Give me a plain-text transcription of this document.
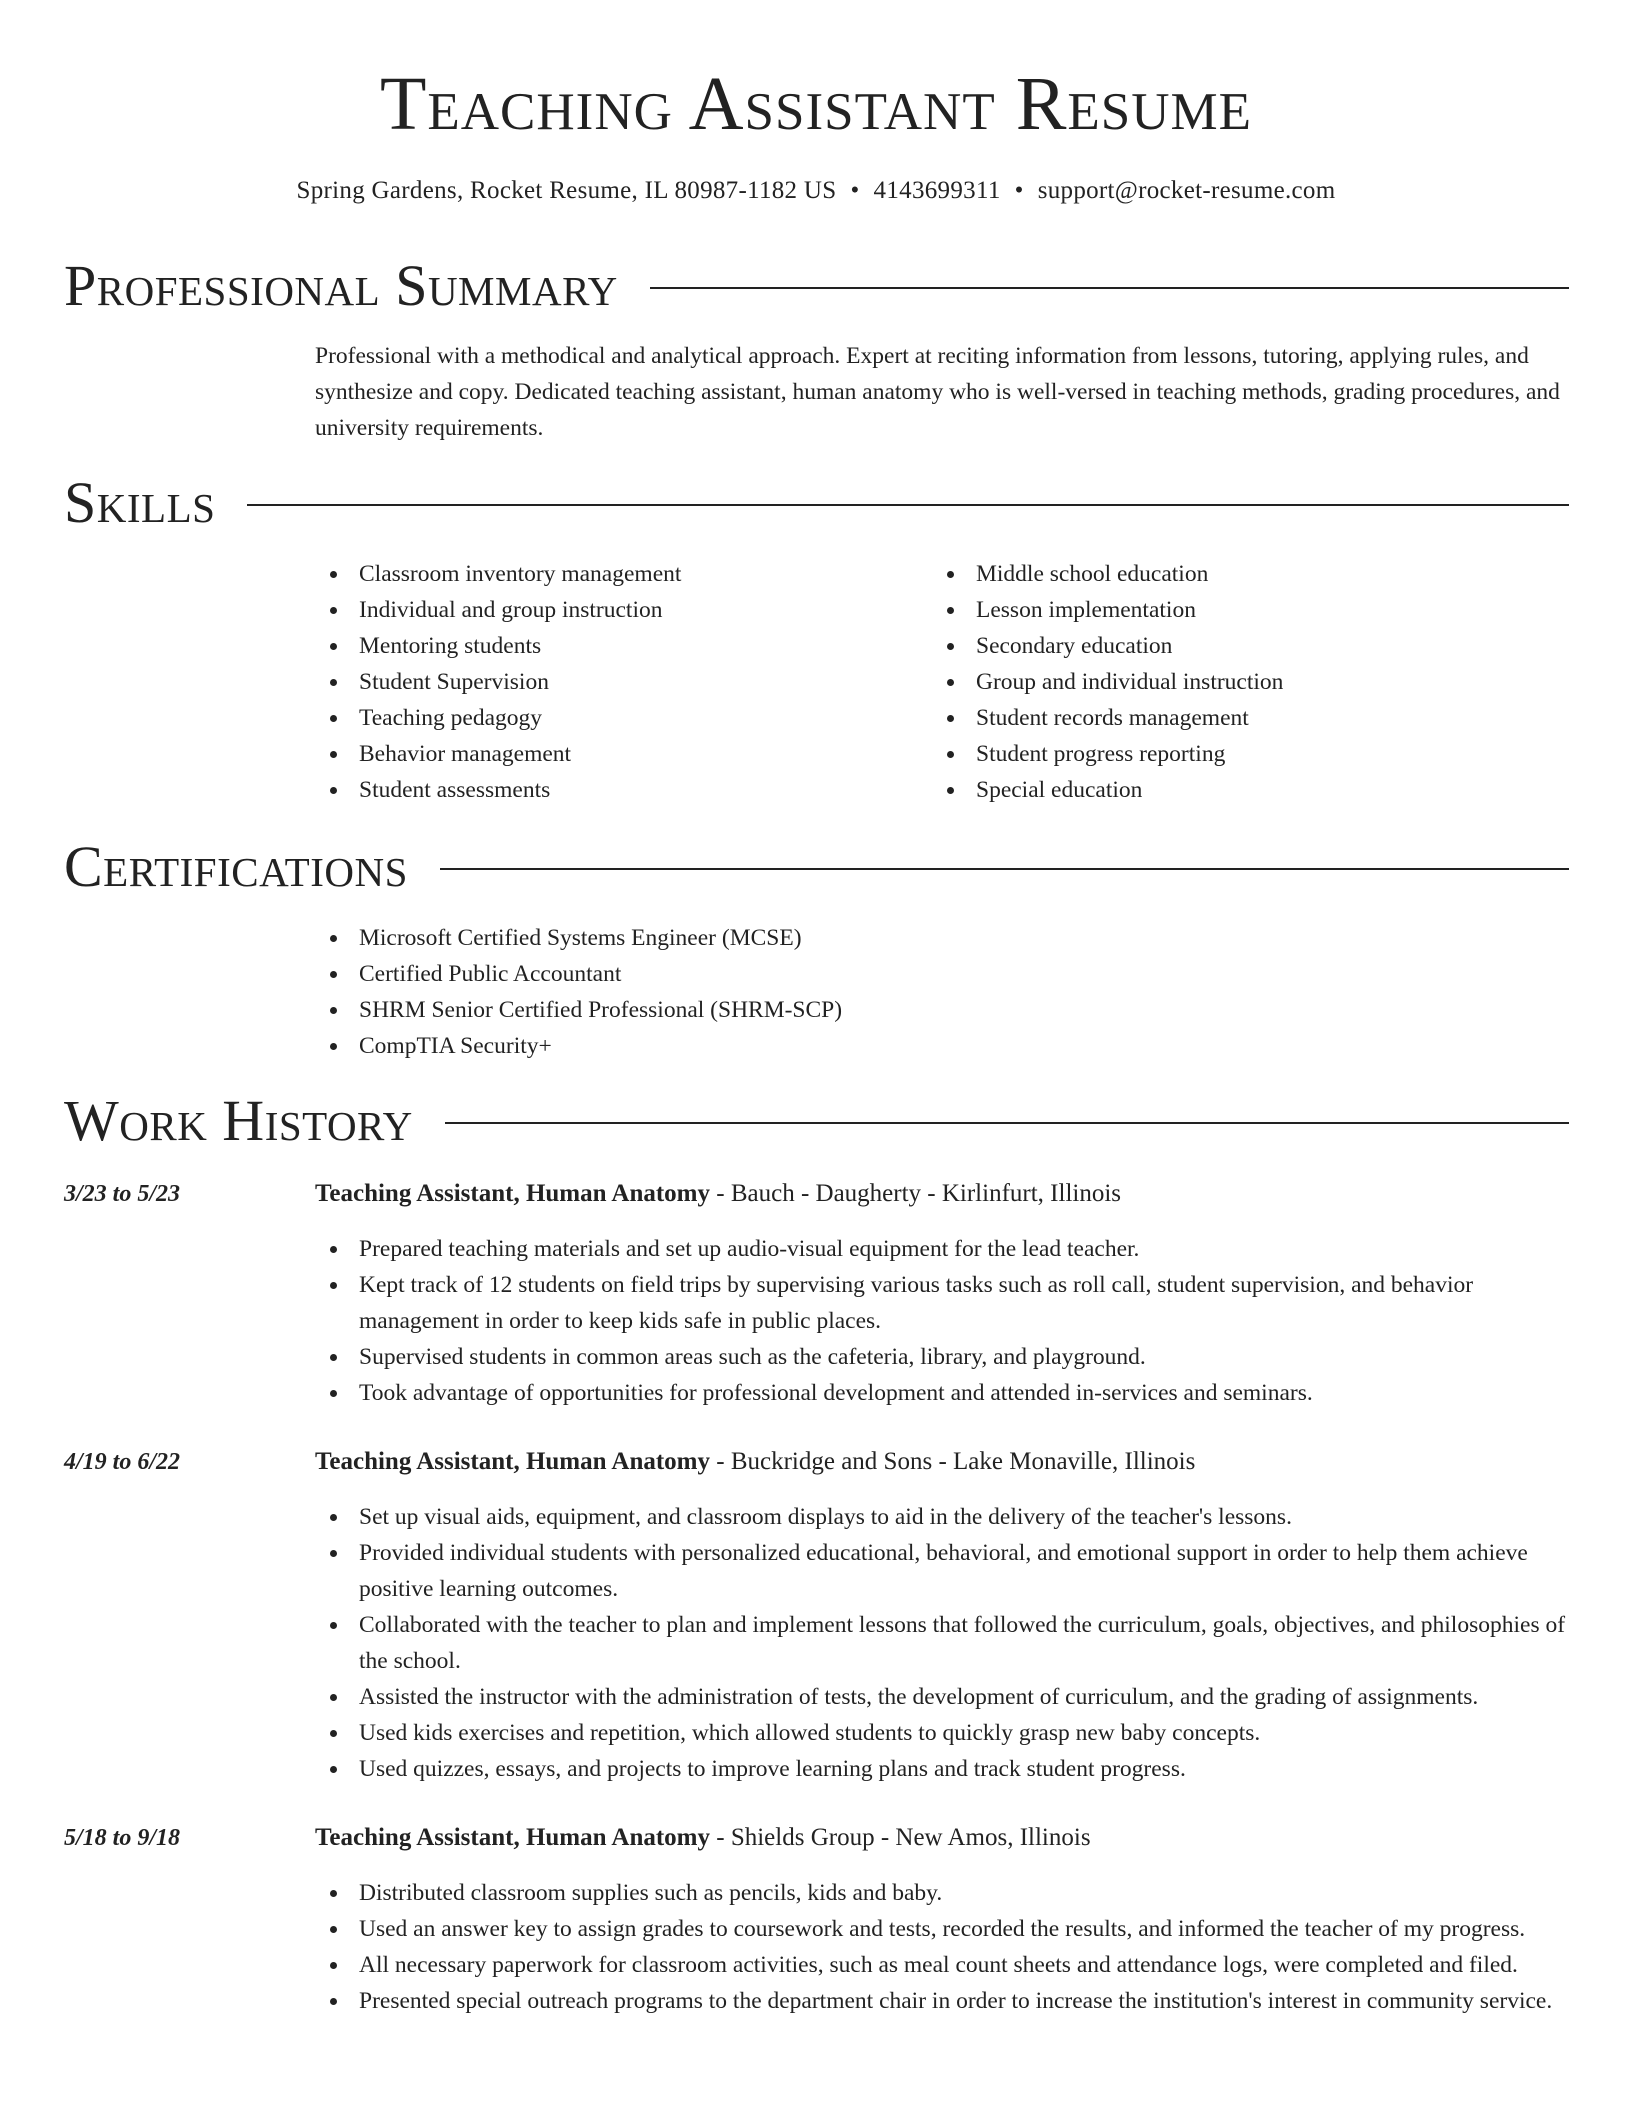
Teaching Assistant Resume
Spring Gardens, Rocket Resume, IL 80987-1182 US • 4143699311 • support@rocket-resume.com
Professional Summary
Professional with a methodical and analytical approach. Expert at reciting information from lessons, tutoring, applying rules, and synthesize and copy. Dedicated teaching assistant, human anatomy who is well-versed in teaching methods, grading procedures, and university requirements.
Skills
Classroom inventory management
Individual and group instruction
Mentoring students
Student Supervision
Teaching pedagogy
Behavior management
Student assessments
Middle school education
Lesson implementation
Secondary education
Group and individual instruction
Student records management
Student progress reporting
Special education
Certifications
Microsoft Certified Systems Engineer (MCSE)
Certified Public Accountant
SHRM Senior Certified Professional (SHRM-SCP)
CompTIA Security+
Work History
3/23 to 5/23	Teaching Assistant, Human Anatomy - Bauch - Daugherty - Kirlinfurt, Illinois
Prepared teaching materials and set up audio-visual equipment for the lead teacher.
Kept track of 12 students on field trips by supervising various tasks such as roll call, student supervision, and behavior management in order to keep kids safe in public places.
Supervised students in common areas such as the cafeteria, library, and playground.
Took advantage of opportunities for professional development and attended in-services and seminars.
4/19 to 6/22	Teaching Assistant, Human Anatomy - Buckridge and Sons - Lake Monaville, Illinois
Set up visual aids, equipment, and classroom displays to aid in the delivery of the teacher's lessons.
Provided individual students with personalized educational, behavioral, and emotional support in order to help them achieve positive learning outcomes.
Collaborated with the teacher to plan and implement lessons that followed the curriculum, goals, objectives, and philosophies of the school.
Assisted the instructor with the administration of tests, the development of curriculum, and the grading of assignments.
Used kids exercises and repetition, which allowed students to quickly grasp new baby concepts.
Used quizzes, essays, and projects to improve learning plans and track student progress.
5/18 to 9/18	Teaching Assistant, Human Anatomy - Shields Group - New Amos, Illinois
Distributed classroom supplies such as pencils, kids and baby.
Used an answer key to assign grades to coursework and tests, recorded the results, and informed the teacher of my progress.
All necessary paperwork for classroom activities, such as meal count sheets and attendance logs, were completed and filed.
Presented special outreach programs to the department chair in order to increase the institution's interest in community service.
